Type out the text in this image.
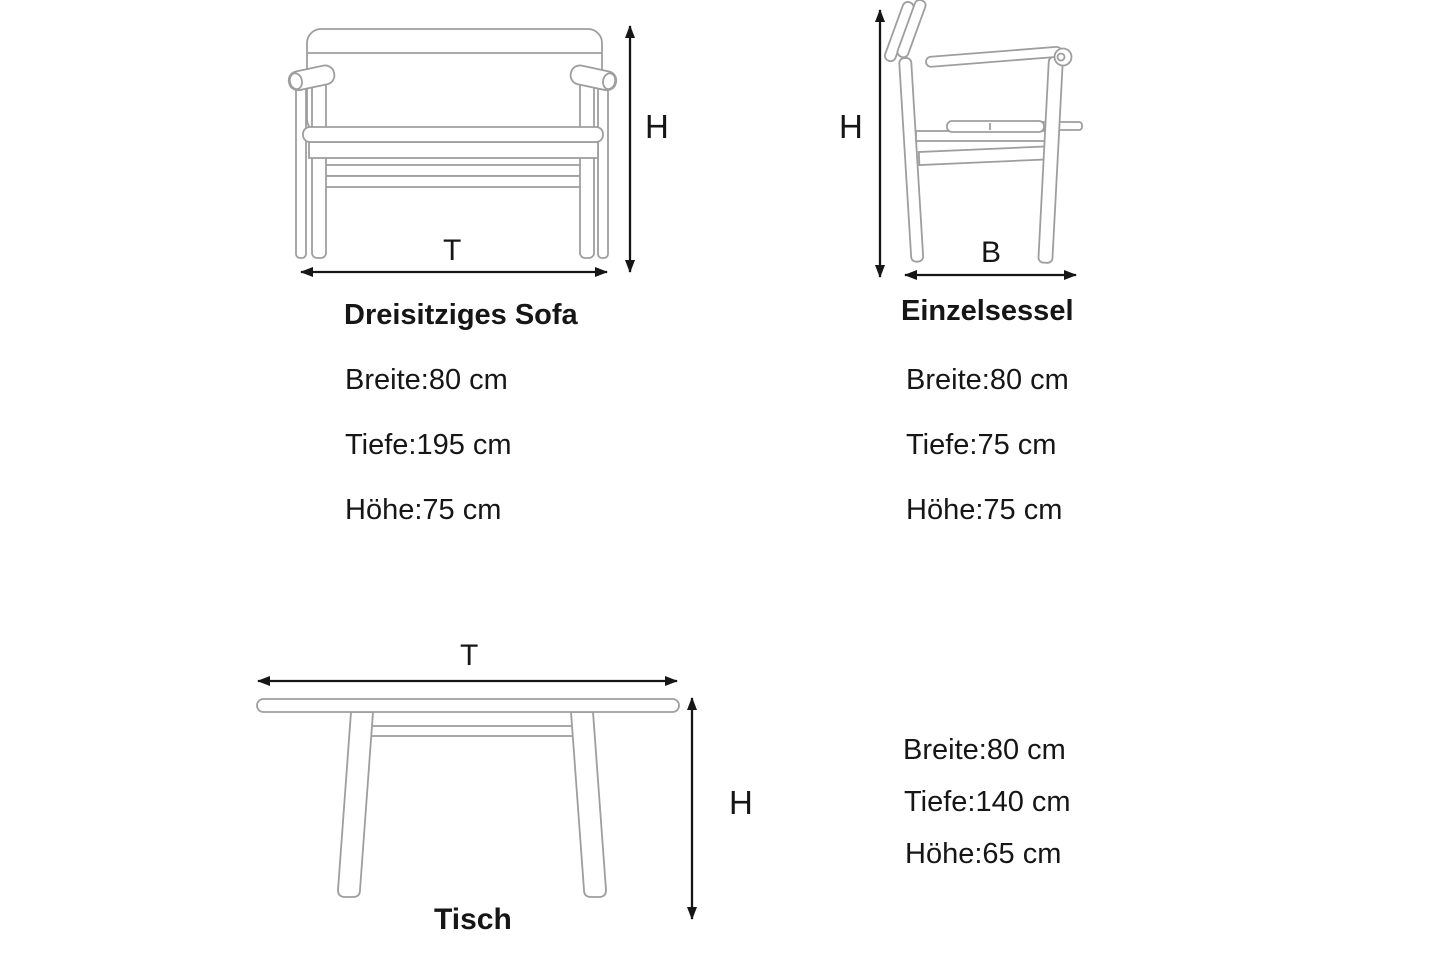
T
H
Dreisitziges Sofa
Breite:80 cm
Tiefe:195 cm
Höhe:75 cm
H
B
Einzelsessel
Breite:80 cm
Tiefe:75 cm
Höhe:75 cm
T
H
Tisch
Breite:80 cm
Tiefe:140 cm
Höhe:65 cm
